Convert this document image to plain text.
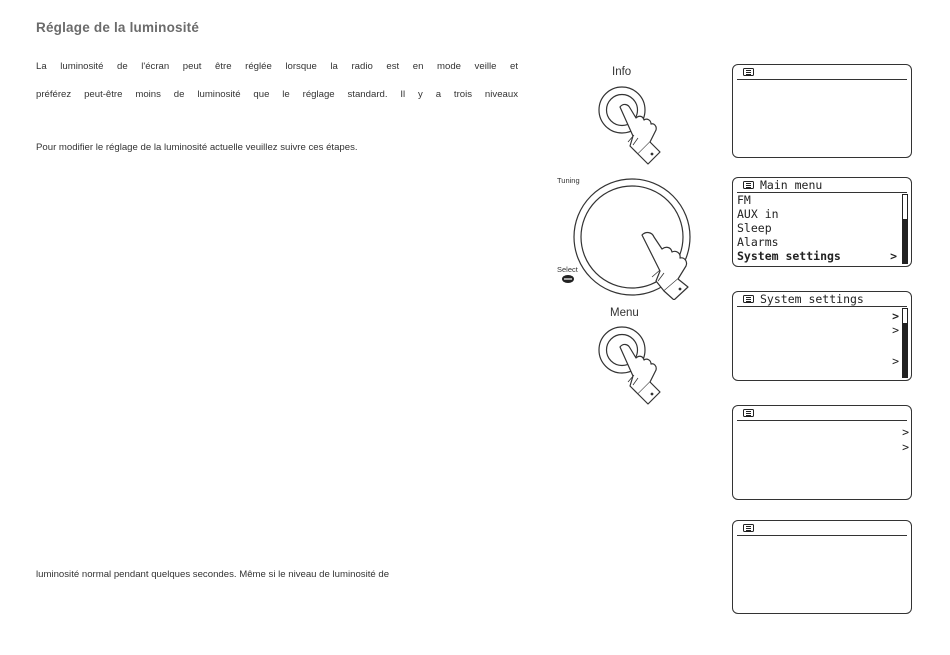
Réglage de la luminosité
La luminosité de l'écran peut être réglée lorsque la radio est en mode veille et
préférez peut-être moins de luminosité que le réglage standard. Il y a trois niveaux
Pour modifier le réglage de la luminosité actuelle veuillez suivre ces étapes.
luminosité normal pendant quelques secondes. Même si le niveau de luminosité de
Info
Tuning
Select
Menu
Main menu
FM
AUX in
Sleep
Alarms
System settings	>
System settings
>
>
>
>
>
